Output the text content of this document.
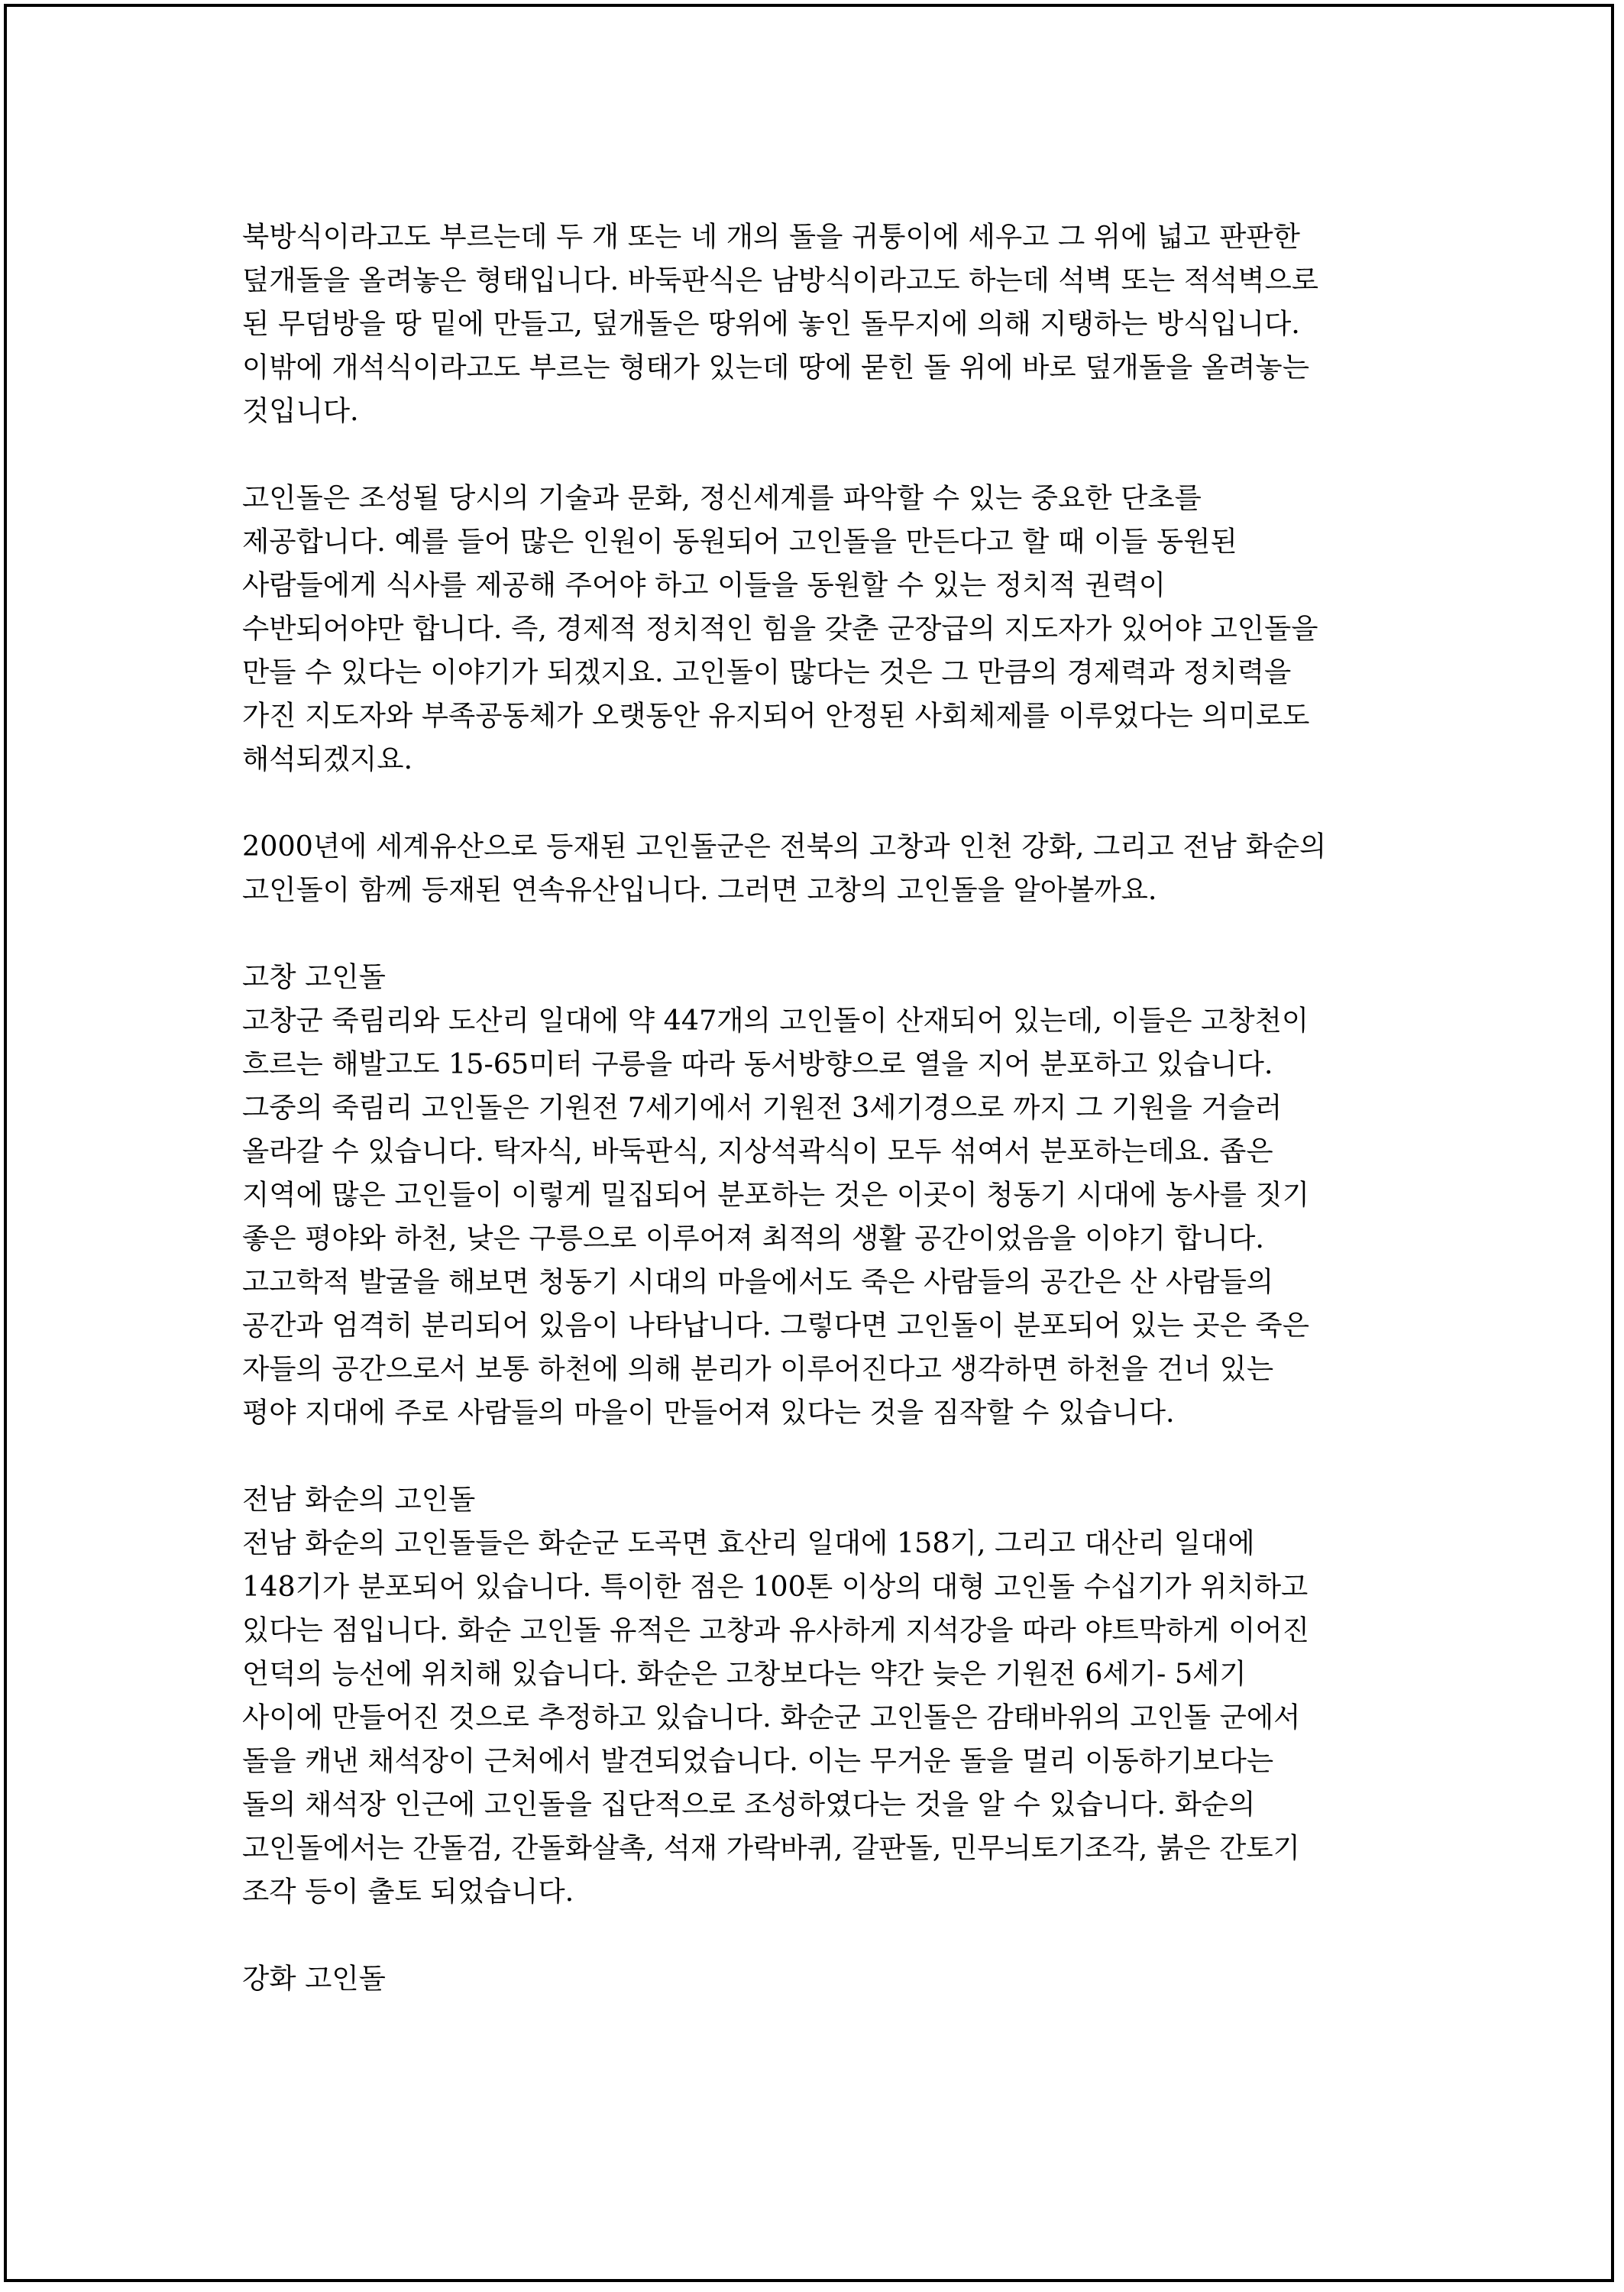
북방식이라고도 부르는데 두 개 또는 네 개의 돌을 귀퉁이에 세우고 그 위에 넓고 판판한
덮개돌을 올려놓은 형태입니다. 바둑판식은 남방식이라고도 하는데 석벽 또는 적석벽으로
된 무덤방을 땅 밑에 만들고, 덮개돌은 땅위에 놓인 돌무지에 의해 지탱하는 방식입니다.
이밖에 개석식이라고도 부르는 형태가 있는데 땅에 묻힌 돌 위에 바로 덮개돌을 올려놓는
것입니다.
고인돌은 조성될 당시의 기술과 문화, 정신세계를 파악할 수 있는 중요한 단초를
제공합니다. 예를 들어 많은 인원이 동원되어 고인돌을 만든다고 할 때 이들 동원된
사람들에게 식사를 제공해 주어야 하고 이들을 동원할 수 있는 정치적 권력이
수반되어야만 합니다. 즉, 경제적 정치적인 힘을 갖춘 군장급의 지도자가 있어야 고인돌을
만들 수 있다는 이야기가 되겠지요. 고인돌이 많다는 것은 그 만큼의 경제력과 정치력을
가진 지도자와 부족공동체가 오랫동안 유지되어 안정된 사회체제를 이루었다는 의미로도
해석되겠지요.
2000년에 세계유산으로 등재된 고인돌군은 전북의 고창과 인천 강화, 그리고 전남 화순의
고인돌이 함께 등재된 연속유산입니다. 그러면 고창의 고인돌을 알아볼까요.
고창 고인돌
고창군 죽림리와 도산리 일대에 약 447개의 고인돌이 산재되어 있는데, 이들은 고창천이
흐르는 해발고도 15-65미터 구릉을 따라 동서방향으로 열을 지어 분포하고 있습니다.
그중의 죽림리 고인돌은 기원전 7세기에서 기원전 3세기경으로 까지 그 기원을 거슬러
올라갈 수 있습니다. 탁자식, 바둑판식, 지상석곽식이 모두 섞여서 분포하는데요. 좁은
지역에 많은 고인들이 이렇게 밀집되어 분포하는 것은 이곳이 청동기 시대에 농사를 짓기
좋은 평야와 하천, 낮은 구릉으로 이루어져 최적의 생활 공간이었음을 이야기 합니다.
고고학적 발굴을 해보면 청동기 시대의 마을에서도 죽은 사람들의 공간은 산 사람들의
공간과 엄격히 분리되어 있음이 나타납니다. 그렇다면 고인돌이 분포되어 있는 곳은 죽은
자들의 공간으로서 보통 하천에 의해 분리가 이루어진다고 생각하면 하천을 건너 있는
평야 지대에 주로 사람들의 마을이 만들어져 있다는 것을 짐작할 수 있습니다.
전남 화순의 고인돌
전남 화순의 고인돌들은 화순군 도곡면 효산리 일대에 158기, 그리고 대산리 일대에
148기가 분포되어 있습니다. 특이한 점은 100톤 이상의 대형 고인돌 수십기가 위치하고
있다는 점입니다. 화순 고인돌 유적은 고창과 유사하게 지석강을 따라 야트막하게 이어진
언덕의 능선에 위치해 있습니다. 화순은 고창보다는 약간 늦은 기원전 6세기- 5세기
사이에 만들어진 것으로 추정하고 있습니다. 화순군 고인돌은 감태바위의 고인돌 군에서
돌을 캐낸 채석장이 근처에서 발견되었습니다. 이는 무거운 돌을 멀리 이동하기보다는
돌의 채석장 인근에 고인돌을 집단적으로 조성하였다는 것을 알 수 있습니다. 화순의
고인돌에서는 간돌검, 간돌화살촉, 석재 가락바퀴, 갈판돌, 민무늬토기조각, 붉은 간토기
조각 등이 출토 되었습니다.
강화 고인돌
